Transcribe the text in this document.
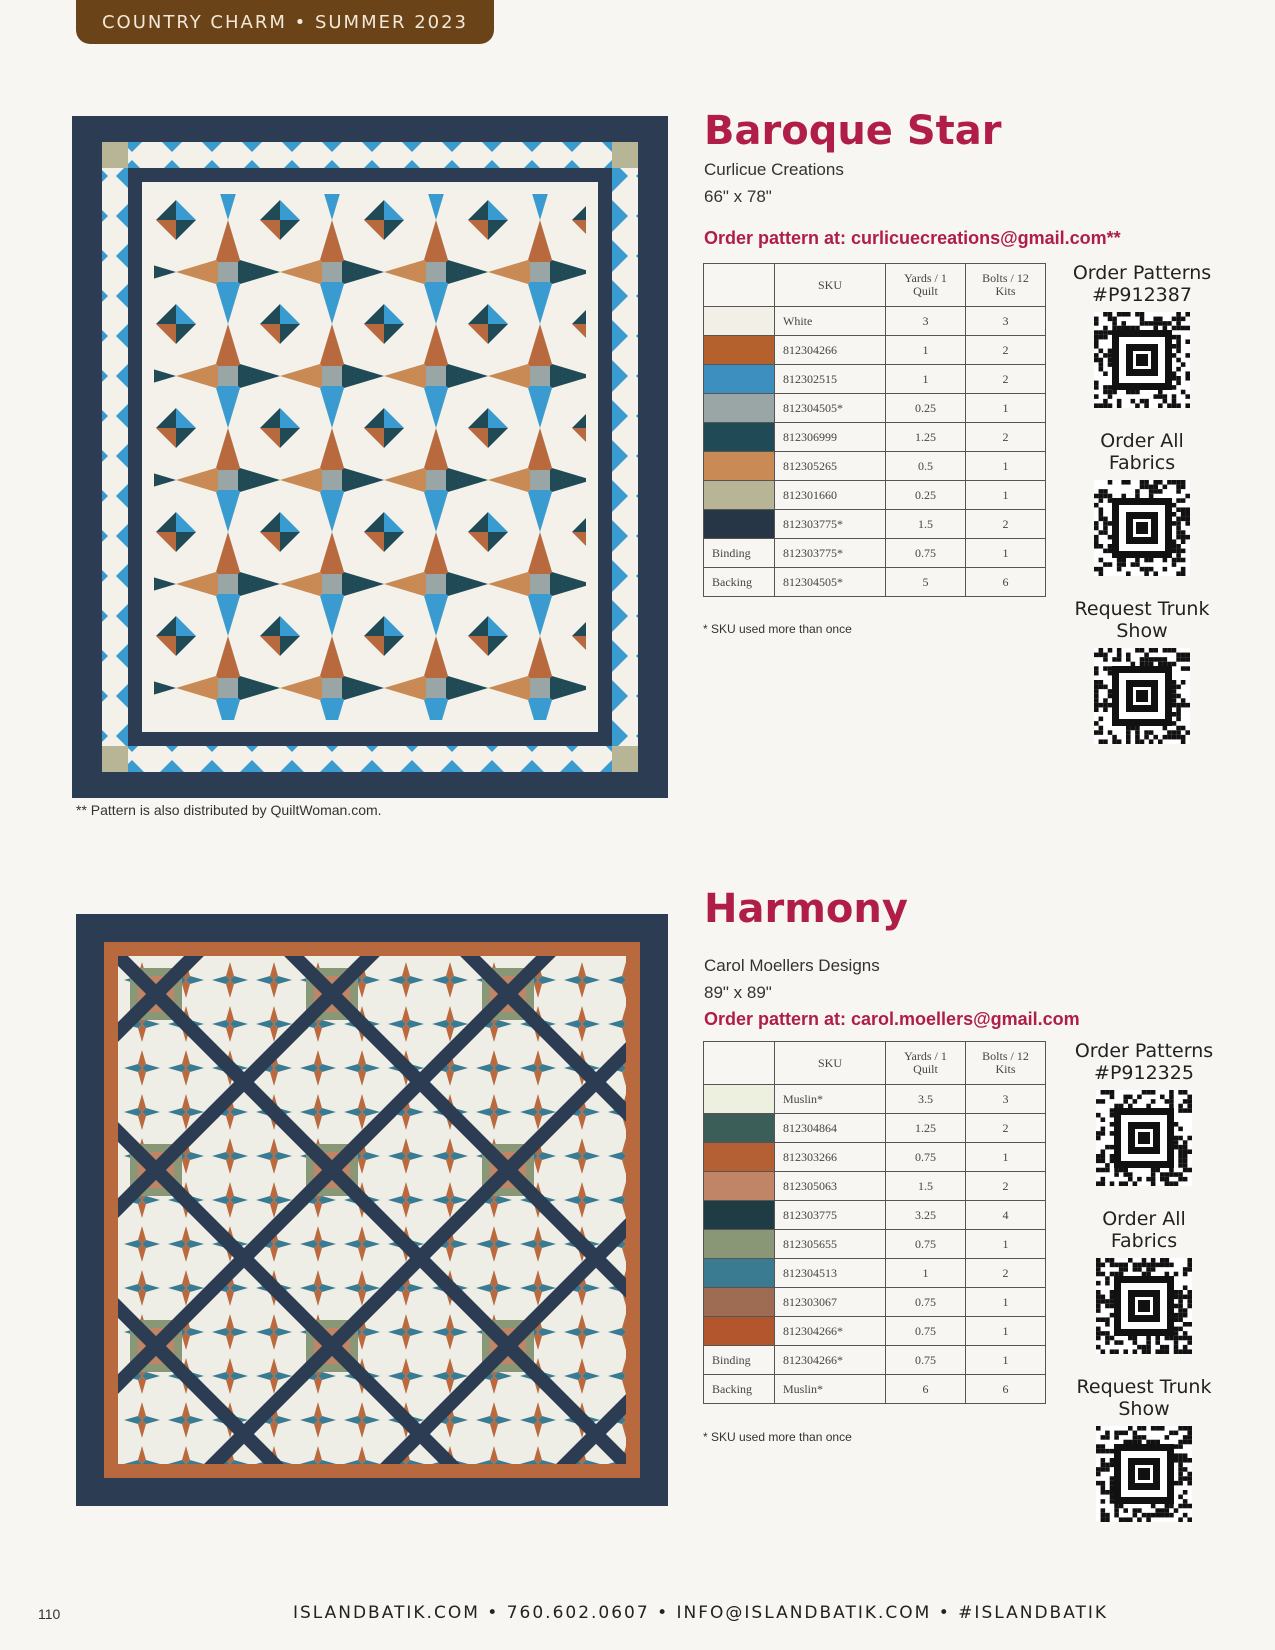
COUNTRY CHARM • SUMMER 2023
** Pattern is also distributed by QuiltWoman.com.
Baroque Star
Curlicue Creations
66" x 78"
Order pattern at: curlicuecreations@gmail.com**
	SKU	Yards / 1 Quilt	Bolts / 12 Kits
	White	3	3
	812304266	1	2
	812302515	1	2
	812304505*	0.25	1
	812306999	1.25	2
	812305265	0.5	1
	812301660	0.25	1
	812303775*	1.5	2
Binding	812303775*	0.75	1
Backing	812304505*	5	6
* SKU used more than once
Order Patterns
#P912387
Order All
Fabrics
Request Trunk
Show
Harmony
Carol Moellers Designs
89" x 89"
Order pattern at: carol.moellers@gmail.com
	SKU	Yards / 1 Quilt	Bolts / 12 Kits
	Muslin*	3.5	3
	812304864	1.25	2
	812303266	0.75	1
	812305063	1.5	2
	812303775	3.25	4
	812305655	0.75	1
	812304513	1	2
	812303067	0.75	1
	812304266*	0.75	1
Binding	812304266*	0.75	1
Backing	Muslin*	6	6
* SKU used more than once
Order Patterns
#P912325
Order All
Fabrics
Request Trunk
Show
110	ISLANDBATIK.COM • 760.602.0607 • INFO@ISLANDBATIK.COM • #ISLANDBATIK
